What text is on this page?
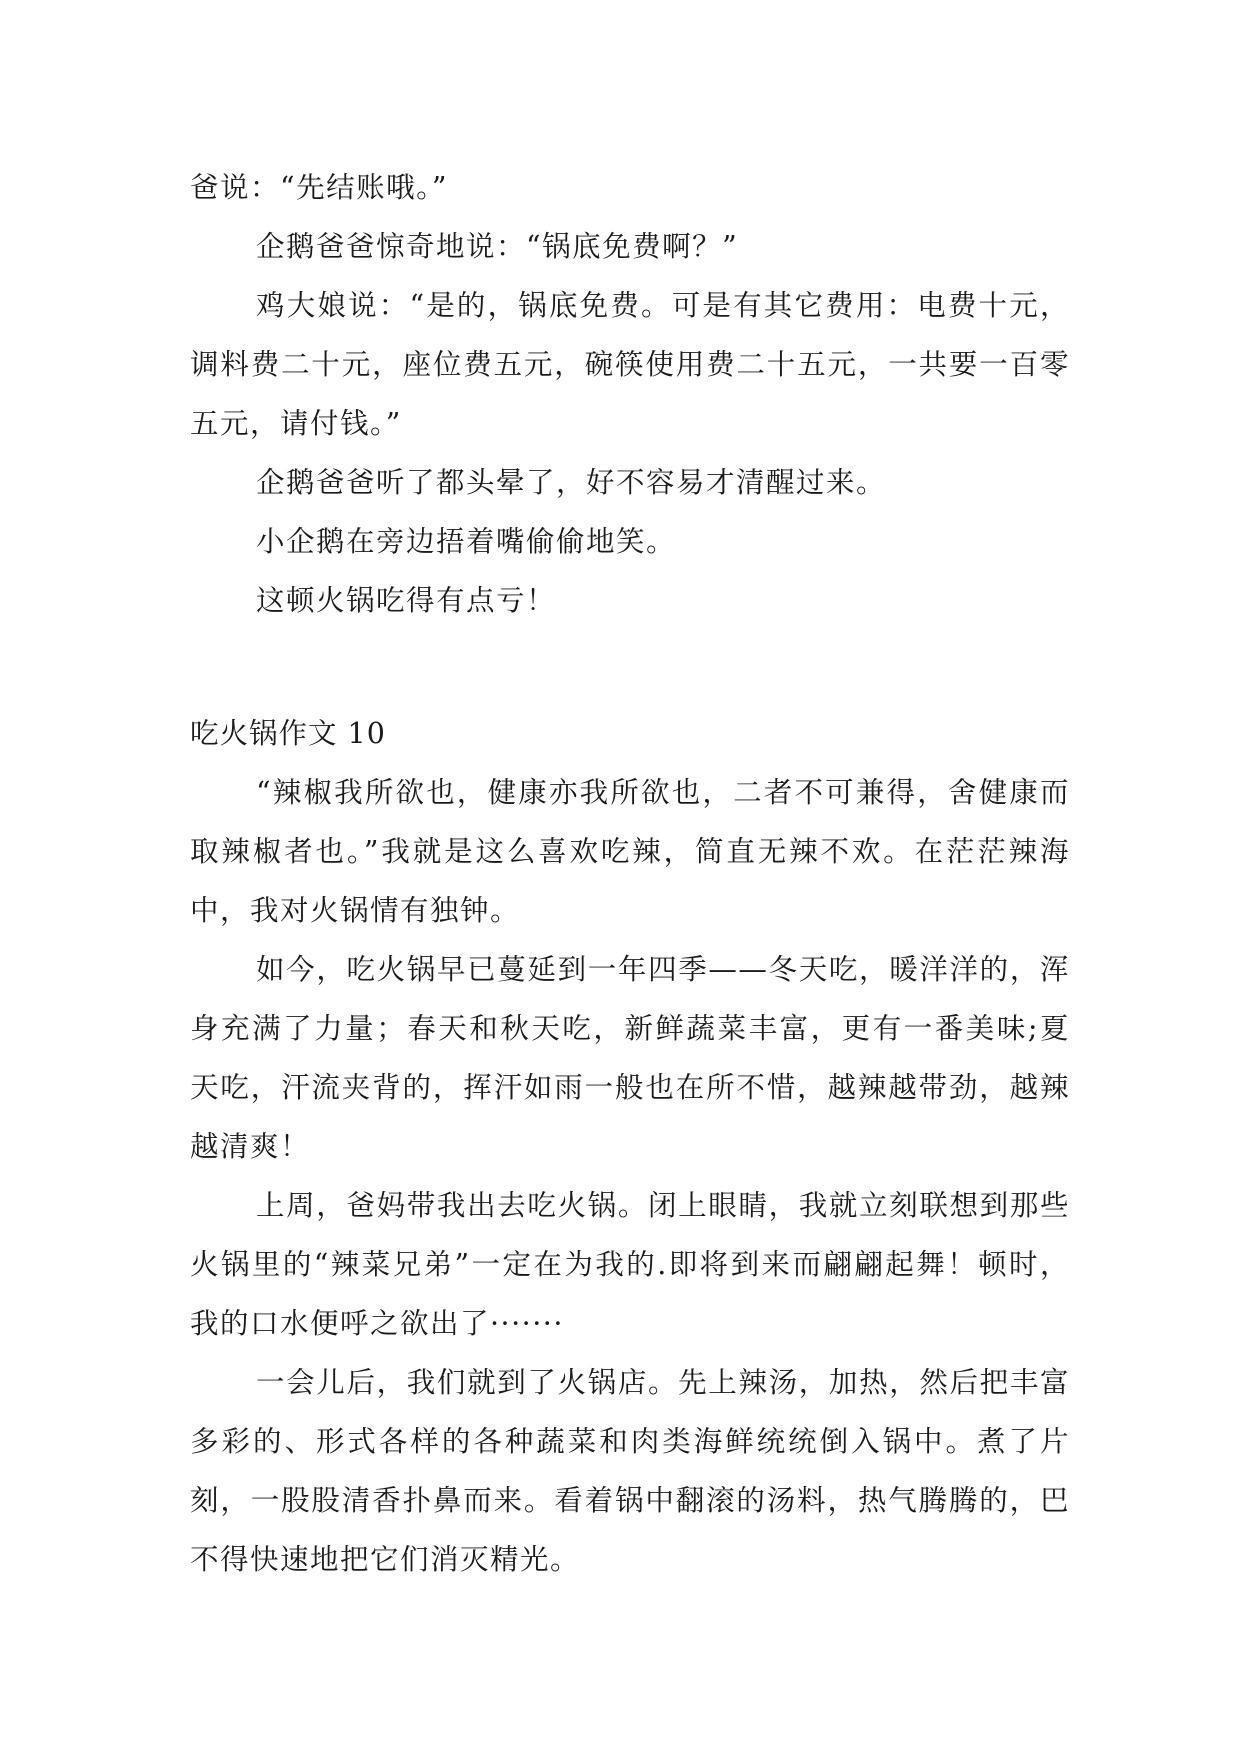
爸说：“先结账哦。”

企鹅爸爸惊奇地说：“锅底免费啊？”

鸡大娘说：“是的，锅底免费。可是有其它费用：电费十元，调料费二十元，座位费五元，碗筷使用费二十五元，一共要一百零五元，请付钱。”

企鹅爸爸听了都头晕了，好不容易才清醒过来。

小企鹅在旁边捂着嘴偷偷地笑。

这顿火锅吃得有点亏！

吃火锅作文 10

“辣椒我所欲也，健康亦我所欲也，二者不可兼得，舍健康而取辣椒者也。”我就是这么喜欢吃辣，简直无辣不欢。在茫茫辣海中，我对火锅情有独钟。

如今，吃火锅早已蔓延到一年四季——冬天吃，暖洋洋的，浑身充满了力量；春天和秋天吃，新鲜蔬菜丰富，更有一番美味;夏天吃，汗流夹背的，挥汗如雨一般也在所不惜，越辣越带劲，越辣越清爽！

上周，爸妈带我出去吃火锅。闭上眼睛，我就立刻联想到那些火锅里的“辣菜兄弟”一定在为我的.即将到来而翩翩起舞！顿时，我的口水便呼之欲出了·······

一会儿后，我们就到了火锅店。先上辣汤，加热，然后把丰富多彩的、形式各样的各种蔬菜和肉类海鲜统统倒入锅中。煮了片刻，一股股清香扑鼻而来。看着锅中翻滚的汤料，热气腾腾的，巴不得快速地把它们消灭精光。
